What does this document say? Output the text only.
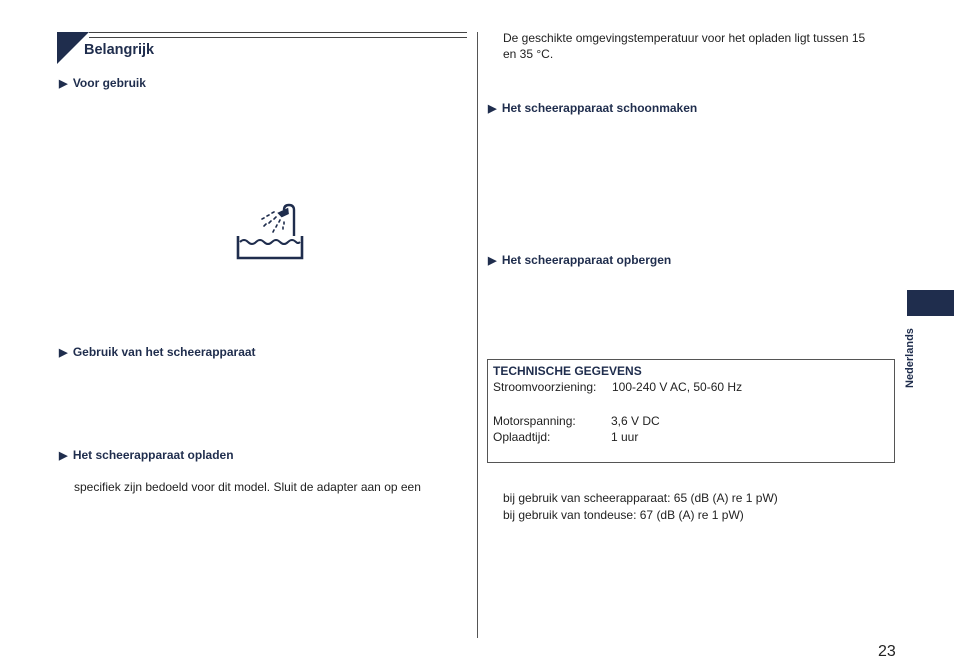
Belangrijk
▶ Voor gebruik
▶ Gebruik van het scheerapparaat
▶ Het scheerapparaat opladen
specifiek zijn bedoeld voor dit model. Sluit de adapter aan op een
De geschikte omgevingstemperatuur voor het opladen ligt tussen 15
en 35 °C.
▶ Het scheerapparaat schoonmaken
▶ Het scheerapparaat opbergen
TECHNISCHE GEGEVENS
Stroomvoorziening: 100-240 V AC, 50-60 Hz
Motorspanning:	3,6 V DC
Oplaadtijd:	1 uur
bij gebruik van scheerapparaat: 65 (dB (A) re 1 pW)
bij gebruik van tondeuse: 67 (dB (A) re 1 pW)
Nederlands
23
